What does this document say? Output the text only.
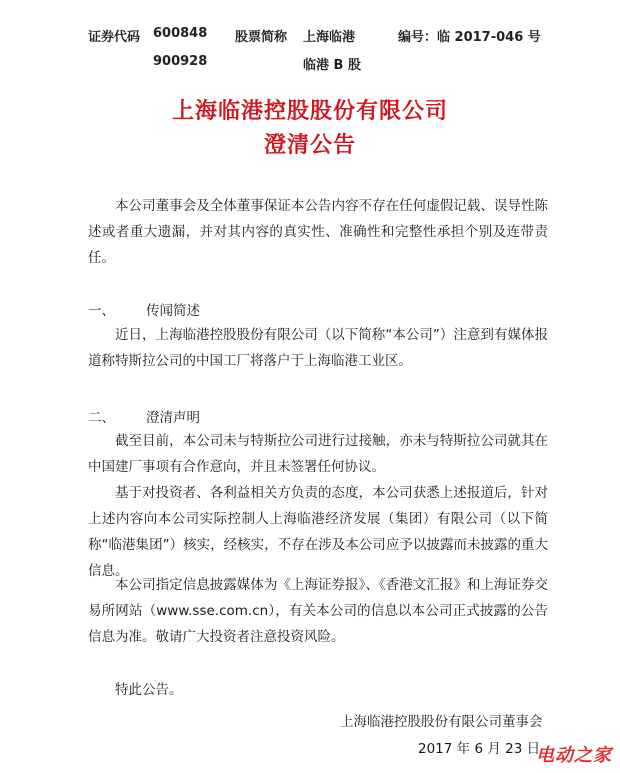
证券代码 600848
900928
股票简称 上海临港
临港 B 股
编号：临 2017-046 号
上海临港控股股份有限公司
澄清公告
本公司董事会及全体董事保证本公告内容不存在任何虚假记载、误导性陈述或者重大遗漏，并对其内容的真实性、准确性和完整性承担个别及连带责任。
一、 传闻简述
近日，上海临港控股股份有限公司（以下简称“本公司”）注意到有媒体报道称特斯拉公司的中国工厂将落户于上海临港工业区。
二、 澄清声明
截至目前，本公司未与特斯拉公司进行过接触，亦未与特斯拉公司就其在中国建厂事项有合作意向，并且未签署任何协议。
基于对投资者、各利益相关方负责的态度，本公司获悉上述报道后，针对上述内容向本公司实际控制人上海临港经济发展（集团）有限公司（以下简称“临港集团”）核实，经核实，不存在涉及本公司应予以披露而未披露的重大信息。
本公司指定信息披露媒体为《上海证券报》、《香港文汇报》和上海证券交易所网站（www.sse.com.cn），有关本公司的信息以本公司正式披露的公告信息为准。敬请广大投资者注意投资风险。
特此公告。
上海临港控股股份有限公司董事会
2017 年 6 月 23 日
电动之家
